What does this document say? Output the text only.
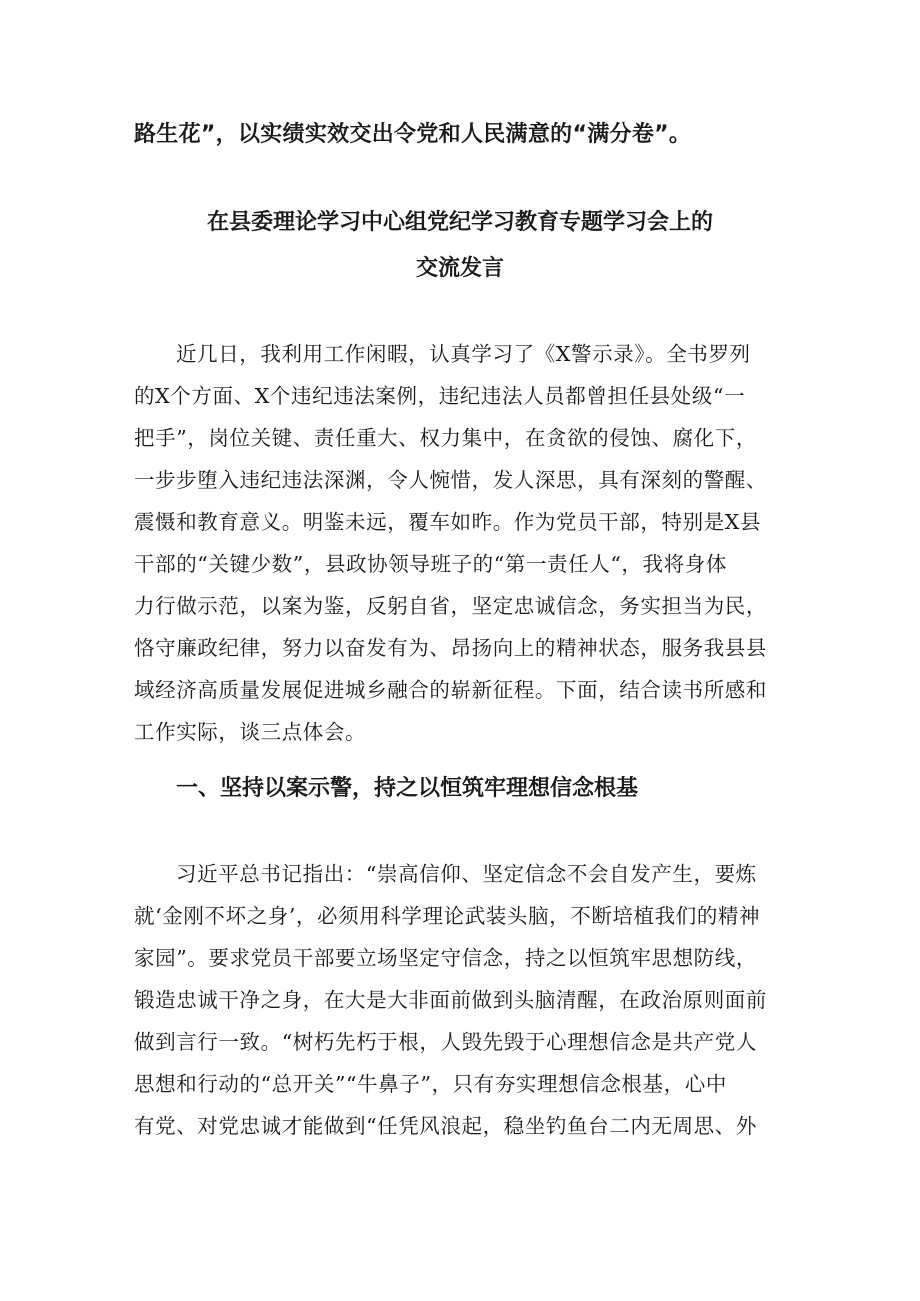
路生花”，以实绩实效交出令党和人民满意的“满分卷”。
在县委理论学习中心组党纪学习教育专题学习会上的
交流发言
近几日，我利用工作闲暇，认真学习了《X警示录》。全书罗列
的X个方面、X个违纪违法案例，违纪违法人员都曾担任县处级“一
把手”，岗位关键、责任重大、权力集中，在贪欲的侵蚀、腐化下，
一步步堕入违纪违法深渊，令人惋惜，发人深思，具有深刻的警醒、
震慑和教育意义。明鉴未远，覆车如昨。作为党员干部，特别是X县
干部的“关键少数”，县政协领导班子的“第一责任人“，我将身体
力行做示范，以案为鉴，反躬自省，坚定忠诚信念，务实担当为民，
恪守廉政纪律，努力以奋发有为、昂扬向上的精神状态，服务我县县
域经济高质量发展促进城乡融合的崭新征程。下面，结合读书所感和
工作实际，谈三点体会。
一、坚持以案示警，持之以恒筑牢理想信念根基
习近平总书记指出：“崇高信仰、坚定信念不会自发产生，要炼
就‘金刚不坏之身’，必须用科学理论武装头脑，不断培植我们的精神
家园”。要求党员干部要立场坚定守信念，持之以恒筑牢思想防线，
锻造忠诚干净之身，在大是大非面前做到头脑清醒，在政治原则面前
做到言行一致。“树朽先朽于根，人毁先毁于心理想信念是共产党人
思想和行动的“总开关”“牛鼻子”，只有夯实理想信念根基，心中
有党、对党忠诚才能做到“任凭风浪起，稳坐钓鱼台二内无周思、外
